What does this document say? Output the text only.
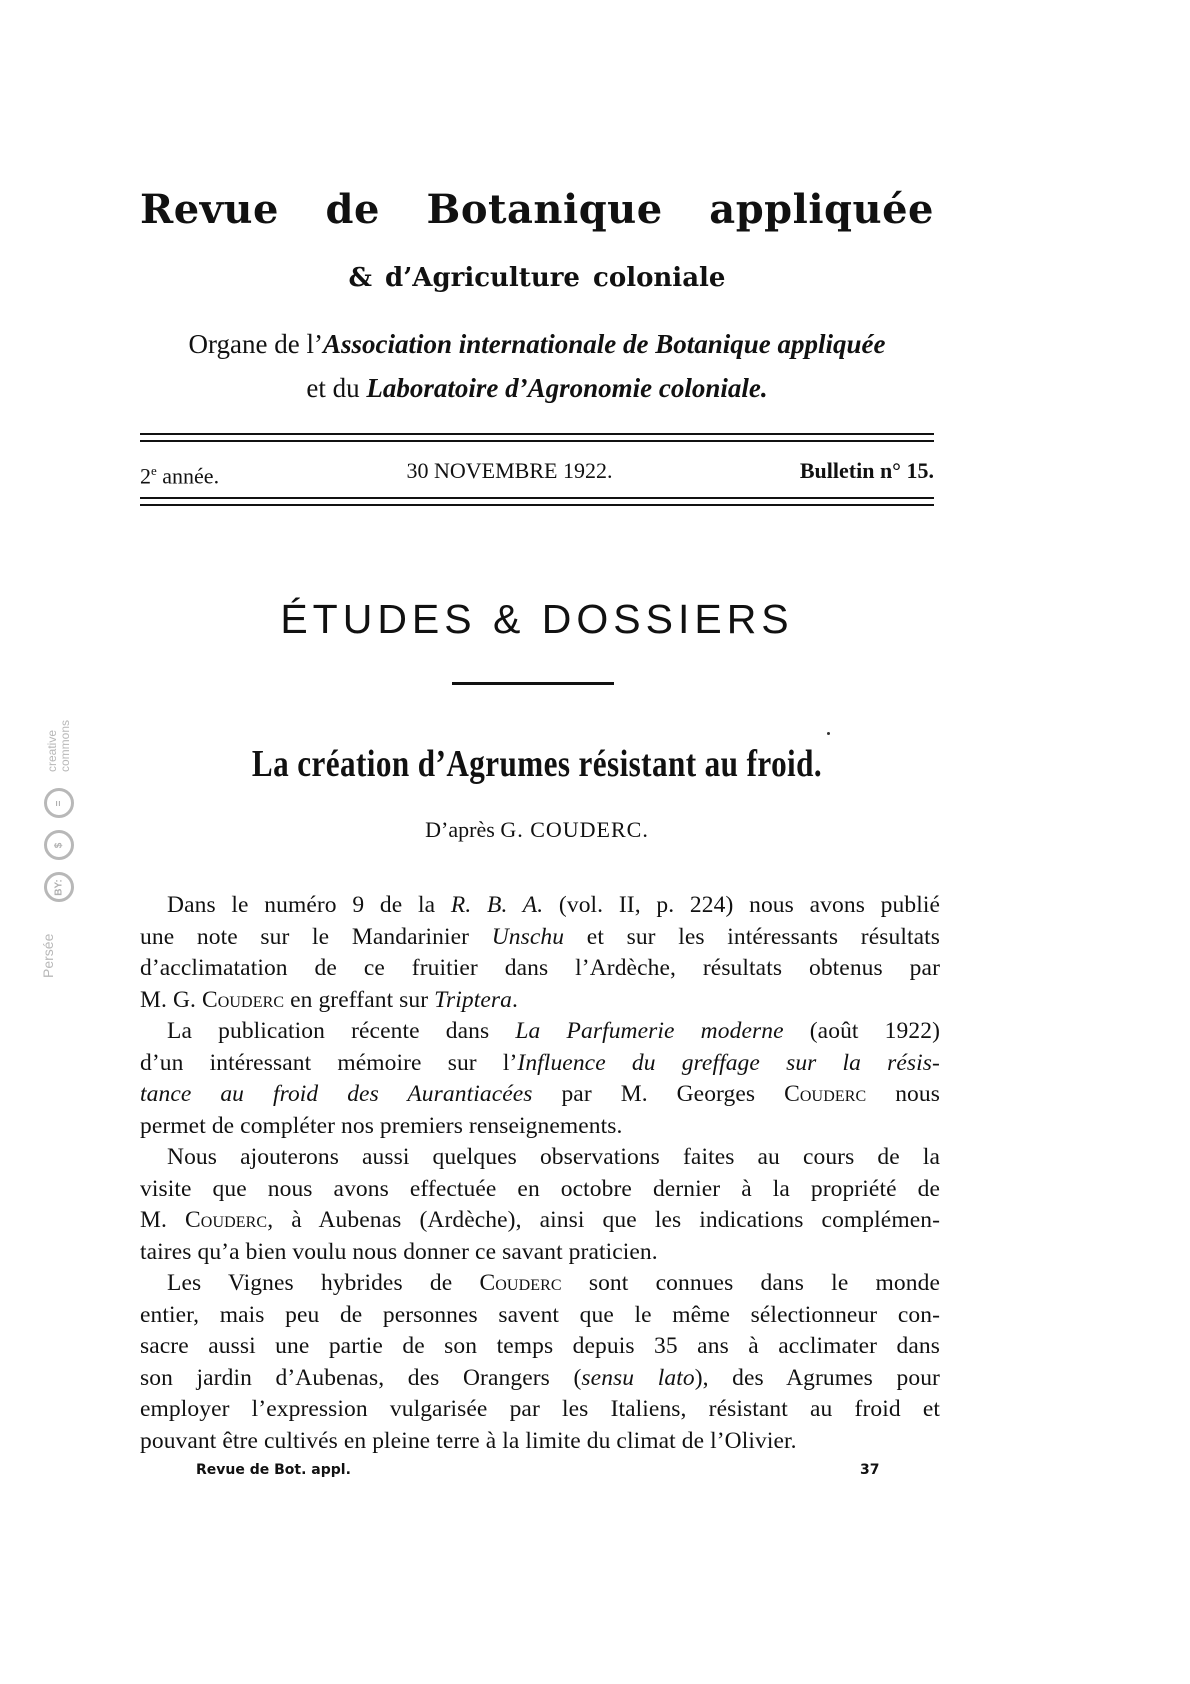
Revue de Botanique appliquée
& d’Agriculture coloniale
Organe de l’Association internationale de Botanique appliquée
et du Laboratoire d’Agronomie coloniale.
2e année.	30 NOVEMBRE 1922.	Bulletin n° 15.
ÉTUDES & DOSSIERS
La création d’Agrumes résistant au froid.
D’après G. COUDERC.
Dans le numéro 9 de la R. B. A. (vol. II, p. 224) nous avons publié
une note sur le Mandarinier Unschu et sur les intéressants résultats
d’acclimatation de ce fruitier dans l’Ardèche, résultats obtenus par
M. G. Couderc en greffant sur Triptera.
La publication récente dans La Parfumerie moderne (août 1922)
d’un intéressant mémoire sur l’Influence du greffage sur la résis-
tance au froid des Aurantiacées par M. Georges Couderc nous
permet de compléter nos premiers renseignements.
Nous ajouterons aussi quelques observations faites au cours de la
visite que nous avons effectuée en octobre dernier à la propriété de
M. Couderc, à Aubenas (Ardèche), ainsi que les indications complémen-
taires qu’a bien voulu nous donner ce savant praticien.
Les Vignes hybrides de Couderc sont connues dans le monde
entier, mais peu de personnes savent que le même sélectionneur con-
sacre aussi une partie de son temps depuis 35 ans à acclimater dans
son jardin d’Aubenas, des Orangers (sensu lato), des Agrumes pour
employer l’expression vulgarisée par les Italiens, résistant au froid et
pouvant être cultivés en pleine terre à la limite du climat de l’Olivier.
Revue de Bot. appl.	37
Persée
BY:
$
=
creative commons
